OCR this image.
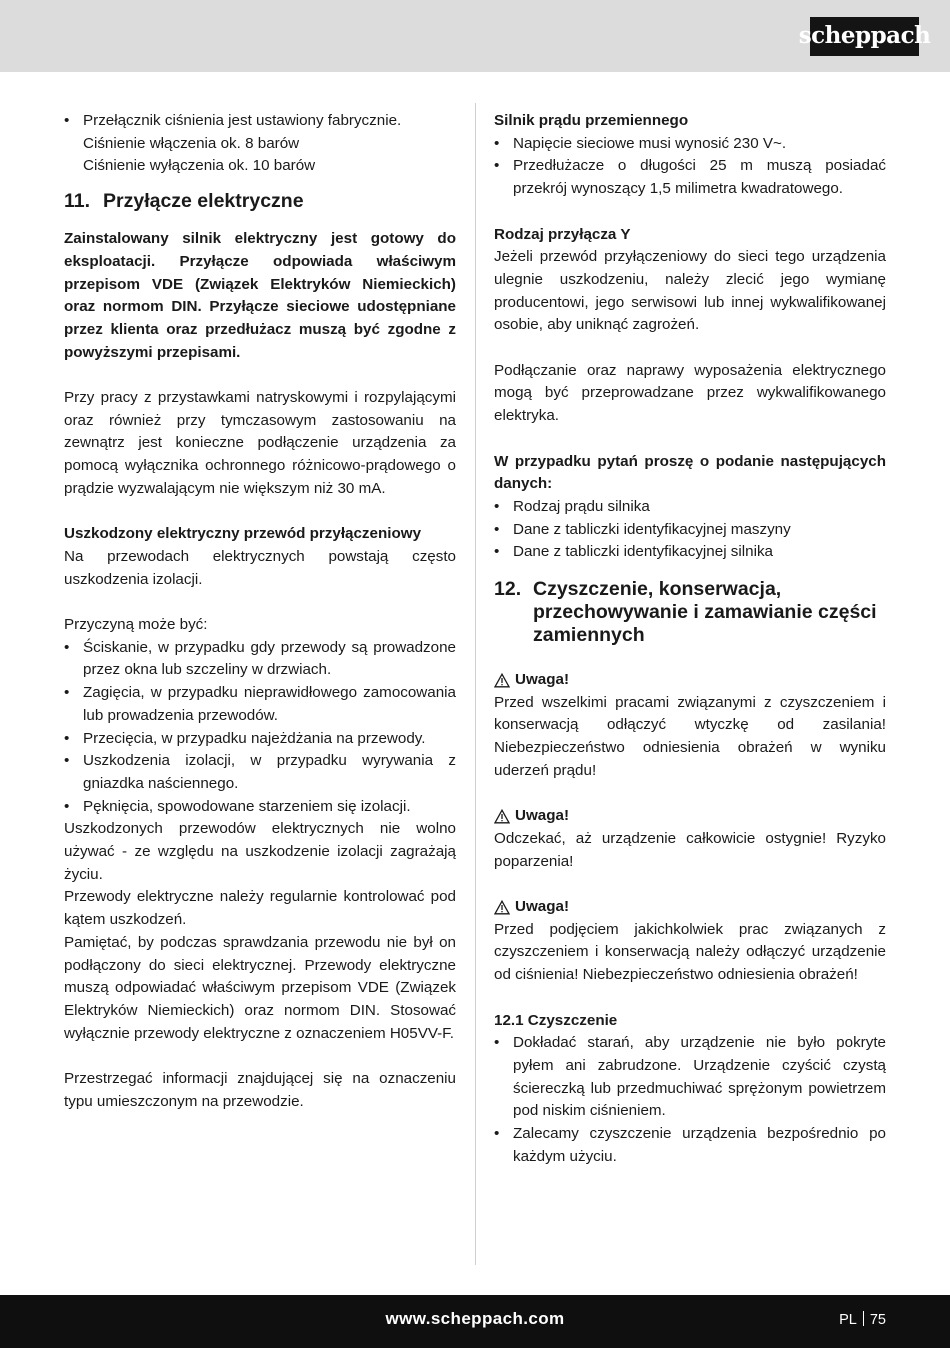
scheppach
• Przełącznik ciśnienia jest ustawiony fabrycznie.
Ciśnienie włączenia ok. 8 barów
Ciśnienie wyłączenia ok. 10 barów
11. Przyłącze elektryczne

Zainstalowany silnik elektryczny jest gotowy do eksploatacji. Przyłącze odpowiada właściwym przepisom VDE (Związek Elektryków Niemieckich) oraz normom DIN. Przyłącze sieciowe udostępniane przez klienta oraz przedłużacz muszą być zgodne z powyższymi przepisami.

Przy pracy z przystawkami natryskowymi i rozpylającymi oraz również przy tymczasowym zastosowaniu na zewnątrz jest konieczne podłączenie urządzenia za pomocą wyłącznika ochronnego różnicowo-prądowego o prądzie wyzwalającym nie większym niż 30 mA.

Uszkodzony elektryczny przewód przyłączeniowy

Na przewodach elektrycznych powstają często uszkodzenia izolacji.

Przyczyną może być:

• Ściskanie, w przypadku gdy przewody są prowadzone przez okna lub szczeliny w drzwiach.
• Zagięcia, w przypadku nieprawidłowego zamocowania lub prowadzenia przewodów.
• Przecięcia, w przypadku najeżdżania na przewody.
• Uszkodzenia izolacji, w przypadku wyrywania z gniazdka naściennego.
• Pęknięcia, spowodowane starzeniem się izolacji.

Uszkodzonych przewodów elektrycznych nie wolno używać - ze względu na uszkodzenie izolacji zagrażają życiu.

Przewody elektryczne należy regularnie kontrolować pod kątem uszkodzeń.

Pamiętać, by podczas sprawdzania przewodu nie był on podłączony do sieci elektrycznej. Przewody elektryczne muszą odpowiadać właściwym przepisom VDE (Związek Elektryków Niemieckich) oraz normom DIN. Stosować wyłącznie przewody elektryczne z oznaczeniem H05VV-F.

Przestrzegać informacji znajdującej się na oznaczeniu typu umieszczonym na przewodzie.

Silnik prądu przemiennego

• Napięcie sieciowe musi wynosić 230 V~.
• Przedłużacze o długości 25 m muszą posiadać przekrój wynoszący 1,5 milimetra kwadratowego.

Rodzaj przyłącza Y

Jeżeli przewód przyłączeniowy do sieci tego urządzenia ulegnie uszkodzeniu, należy zlecić jego wymianę producentowi, jego serwisowi lub innej wykwalifikowanej osobie, aby uniknąć zagrożeń.

Podłączanie oraz naprawy wyposażenia elektrycznego mogą być przeprowadzane przez wykwalifikowanego elektryka.

W przypadku pytań proszę o podanie następujących danych:

• Rodzaj prądu silnika
• Dane z tabliczki identyfikacyjnej maszyny
• Dane z tabliczki identyfikacyjnej silnika
12. Czyszczenie, konserwacja, przechowywanie i zamawianie części zamiennych
Uwaga!

Przed wszelkimi pracami związanymi z czyszczeniem i konserwacją odłączyć wtyczkę od zasilania! Niebezpieczeństwo odniesienia obrażeń w wyniku uderzeń prądu!

Uwaga!

Odczekać, aż urządzenie całkowicie ostygnie! Ryzyko poparzenia!

Uwaga!

Przed podjęciem jakichkolwiek prac związanych z czyszczeniem i konserwacją należy odłączyć urządzenie od ciśnienia! Niebezpieczeństwo odniesienia obrażeń!

12.1 Czyszczenie

• Dokładać starań, aby urządzenie nie było pokryte pyłem ani zabrudzone. Urządzenie czyścić czystą ściereczką lub przedmuchiwać sprężonym powietrzem pod niskim ciśnieniem.
• Zalecamy czyszczenie urządzenia bezpośrednio po każdym użyciu.
www.scheppach.com	PL 75
